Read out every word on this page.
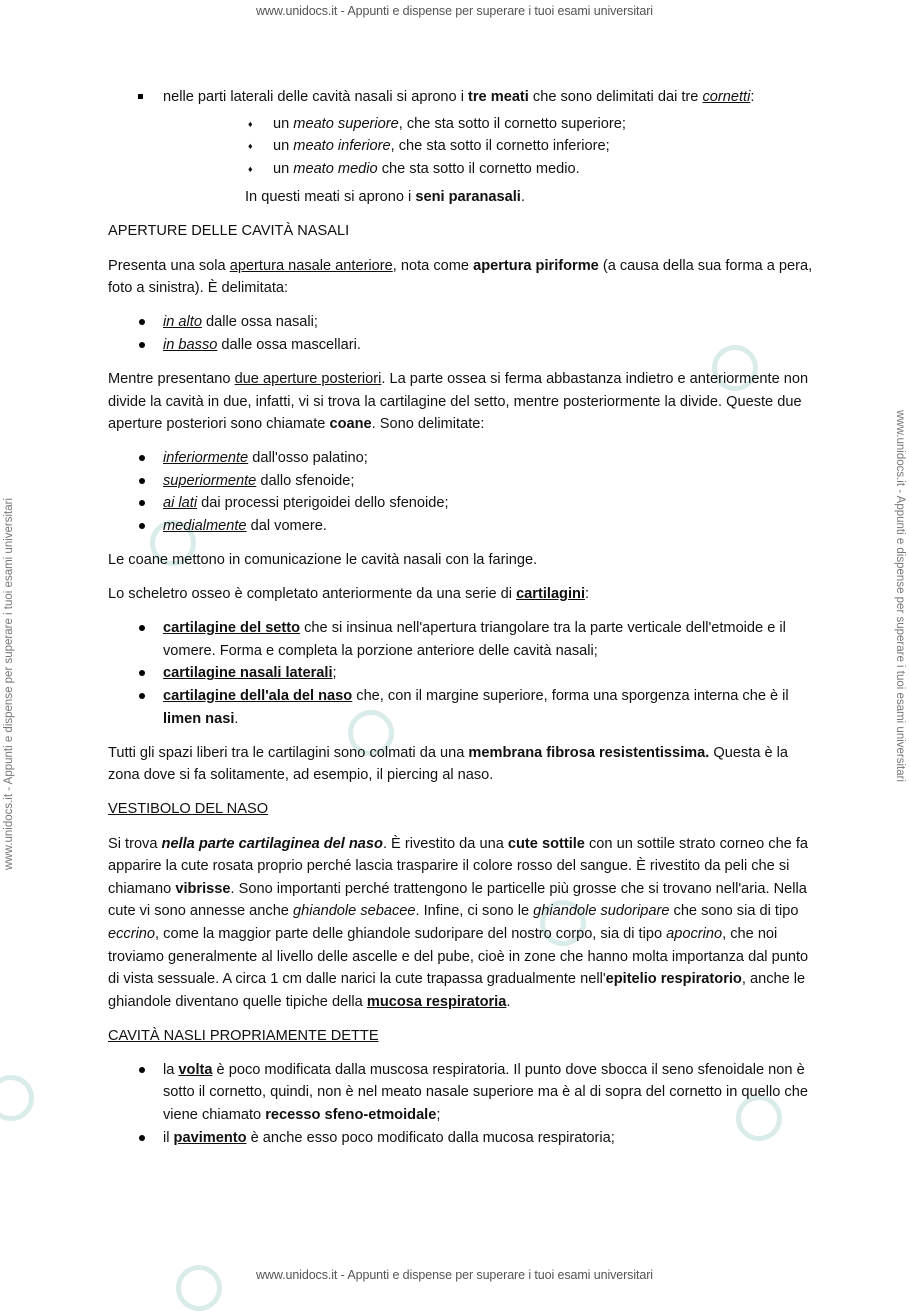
www.unidocs.it - Appunti e dispense per superare i tuoi esami universitari
www.unidocs.it - Appunti e dispense per superare i tuoi esami universitari	www.unidocs.it - Appunti e dispense per superare i tuoi esami universitari
nelle parti laterali delle cavità nasali si aprono i tre meati che sono delimitati dai tre cornetti:
♦ un meato superiore, che sta sotto il cornetto superiore;
♦ un meato inferiore, che sta sotto il cornetto inferiore;
♦ un meato medio che sta sotto il cornetto medio.

In questi meati si aprono i seni paranasali.

APERTURE DELLE CAVITÀ NASALI

Presenta una sola apertura nasale anteriore, nota come apertura piriforme (a causa della sua forma a pera, foto a sinistra). È delimitata:

in alto dalle ossa nasali;
in basso dalle ossa mascellari.

Mentre presentano due aperture posteriori. La parte ossea si ferma abbastanza indietro e anteriormente non divide la cavità in due, infatti, vi si trova la cartilagine del setto, mentre posteriormente la divide. Queste due aperture posteriori sono chiamate coane. Sono delimitate:

inferiormente dall'osso palatino;
superiormente dallo sfenoide;
ai lati dai processi pterigoidei dello sfenoide;
medialmente dal vomere.

Le coane mettono in comunicazione le cavità nasali con la faringe.

Lo scheletro osseo è completato anteriormente da una serie di cartilagini:

cartilagine del setto che si insinua nell'apertura triangolare tra la parte verticale dell'etmoide e il vomere. Forma e completa la porzione anteriore delle cavità nasali;
cartilagine nasali laterali;
cartilagine dell'ala del naso che, con il margine superiore, forma una sporgenza interna che è il limen nasi.

Tutti gli spazi liberi tra le cartilagini sono colmati da una membrana fibrosa resistentissima. Questa è la zona dove si fa solitamente, ad esempio, il piercing al naso.

VESTIBOLO DEL NASO

Si trova nella parte cartilaginea del naso. È rivestito da una cute sottile con un sottile strato corneo che fa apparire la cute rosata proprio perché lascia trasparire il colore rosso del sangue. È rivestito da peli che si chiamano vibrisse. Sono importanti perché trattengono le particelle più grosse che si trovano nell'aria. Nella cute vi sono annesse anche ghiandole sebacee. Infine, ci sono le ghiandole sudoripare che sono sia di tipo eccrino, come la maggior parte delle ghiandole sudoripare del nostro corpo, sia di tipo apocrino, che noi troviamo generalmente al livello delle ascelle e del pube, cioè in zone che hanno molta importanza dal punto di vista sessuale. A circa 1 cm dalle narici la cute trapassa gradualmente nell'epitelio respiratorio, anche le ghiandole diventano quelle tipiche della mucosa respiratoria.

CAVITÀ NASLI PROPRIAMENTE DETTE

la volta è poco modificata dalla muscosa respiratoria. Il punto dove sbocca il seno sfenoidale non è sotto il cornetto, quindi, non è nel meato nasale superiore ma è al di sopra del cornetto in quello che viene chiamato recesso sfeno-etmoidale;
il pavimento è anche esso poco modificato dalla mucosa respiratoria;
www.unidocs.it - Appunti e dispense per superare i tuoi esami universitari
